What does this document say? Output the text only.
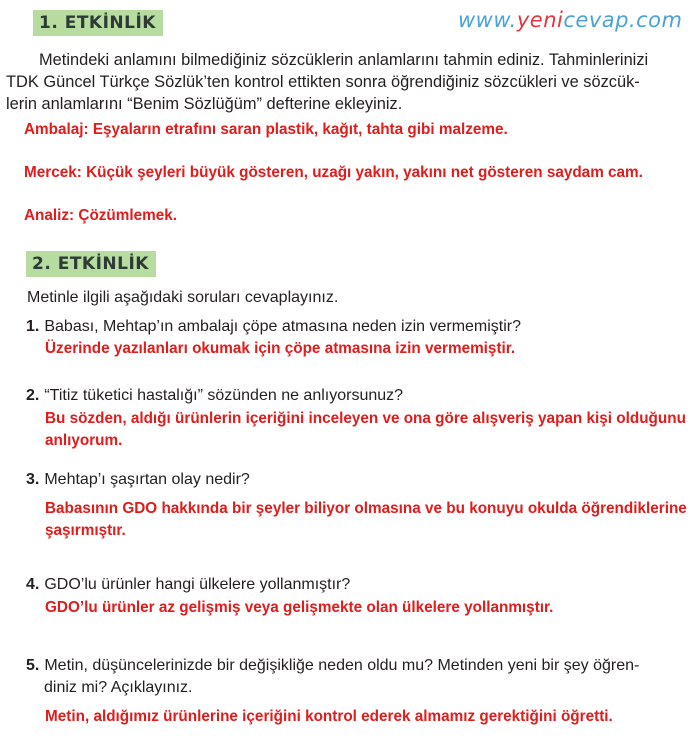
www.yenicevap.com
1. ETKİNLİK
Metindeki anlamını bilmediğiniz sözcüklerin anlamlarını tahmin ediniz. Tahminlerinizi
TDK Güncel Türkçe Sözlük’ten kontrol ettikten sonra öğrendiğiniz sözcükleri ve sözcük-
lerin anlamlarını “Benim Sözlüğüm” defterine ekleyiniz.
Ambalaj: Eşyaların etrafını saran plastik, kağıt, tahta gibi malzeme.
Mercek: Küçük şeyleri büyük gösteren, uzağı yakın, yakını net gösteren saydam cam.
Analiz: Çözümlemek.
2. ETKİNLİK
Metinle ilgili aşağıdaki soruları cevaplayınız.
1. Babası, Mehtap’ın ambalajı çöpe atmasına neden izin vermemiştir?
Üzerinde yazılanları okumak için çöpe atmasına izin vermemiştir.
2. “Titiz tüketici hastalığı” sözünden ne anlıyorsunuz?
Bu sözden, aldığı ürünlerin içeriğini inceleyen ve ona göre alışveriş yapan kişi olduğunu
anlıyorum.
3. Mehtap’ı şaşırtan olay nedir?
Babasının GDO hakkında bir şeyler biliyor olmasına ve bu konuyu okulda öğrendiklerine
şaşırmıştır.
4. GDO’lu ürünler hangi ülkelere yollanmıştır?
GDO’lu ürünler az gelişmiş veya gelişmekte olan ülkelere yollanmıştır.
5. Metin, düşüncelerinizde bir değişikliğe neden oldu mu? Metinden yeni bir şey öğren-
diniz mi? Açıklayınız.
Metin, aldığımız ürünlerine içeriğini kontrol ederek almamız gerektiğini öğretti.
